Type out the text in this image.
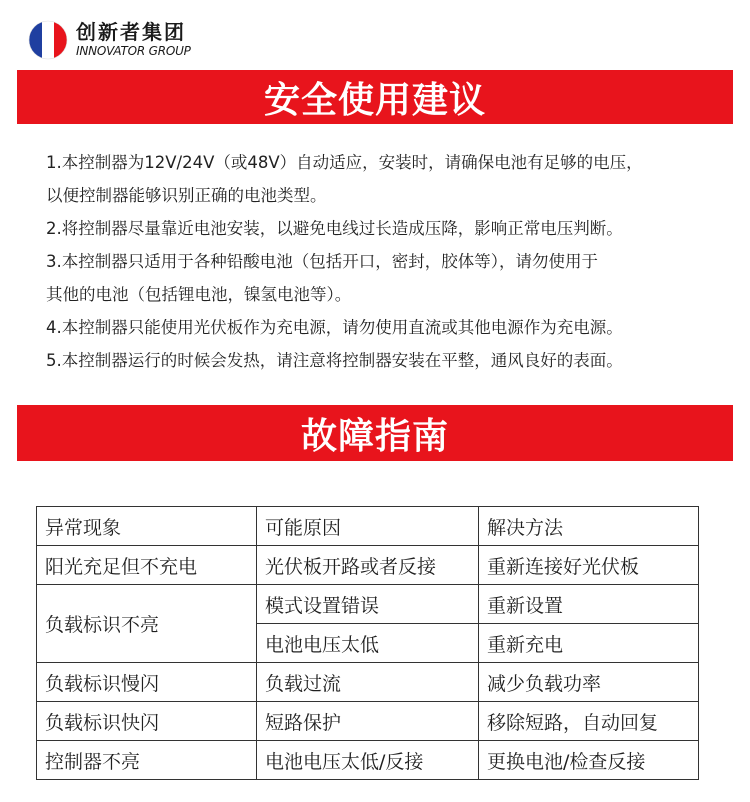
创新者集团
INNOVATOR GROUP
安全使用建议
1.本控制器为12V/24V（或48V）自动适应，安装时，请确保电池有足够的电压，
以便控制器能够识别正确的电池类型。
2.将控制器尽量靠近电池安装，以避免电线过长造成压降，影响正常电压判断。
3.本控制器只适用于各种铅酸电池（包括开口，密封，胶体等），请勿使用于
其他的电池（包括锂电池，镍氢电池等）。
4.本控制器只能使用光伏板作为充电源，请勿使用直流或其他电源作为充电源。
5.本控制器运行的时候会发热，请注意将控制器安装在平整，通风良好的表面。
故障指南
异常现象	可能原因	解决方法
阳光充足但不充电	光伏板开路或者反接	重新连接好光伏板
负载标识不亮	模式设置错误	重新设置
	电池电压太低	重新充电
负载标识慢闪	负载过流	减少负载功率
负载标识快闪	短路保护	移除短路，自动回复
控制器不亮	电池电压太低/反接	更换电池/检查反接
